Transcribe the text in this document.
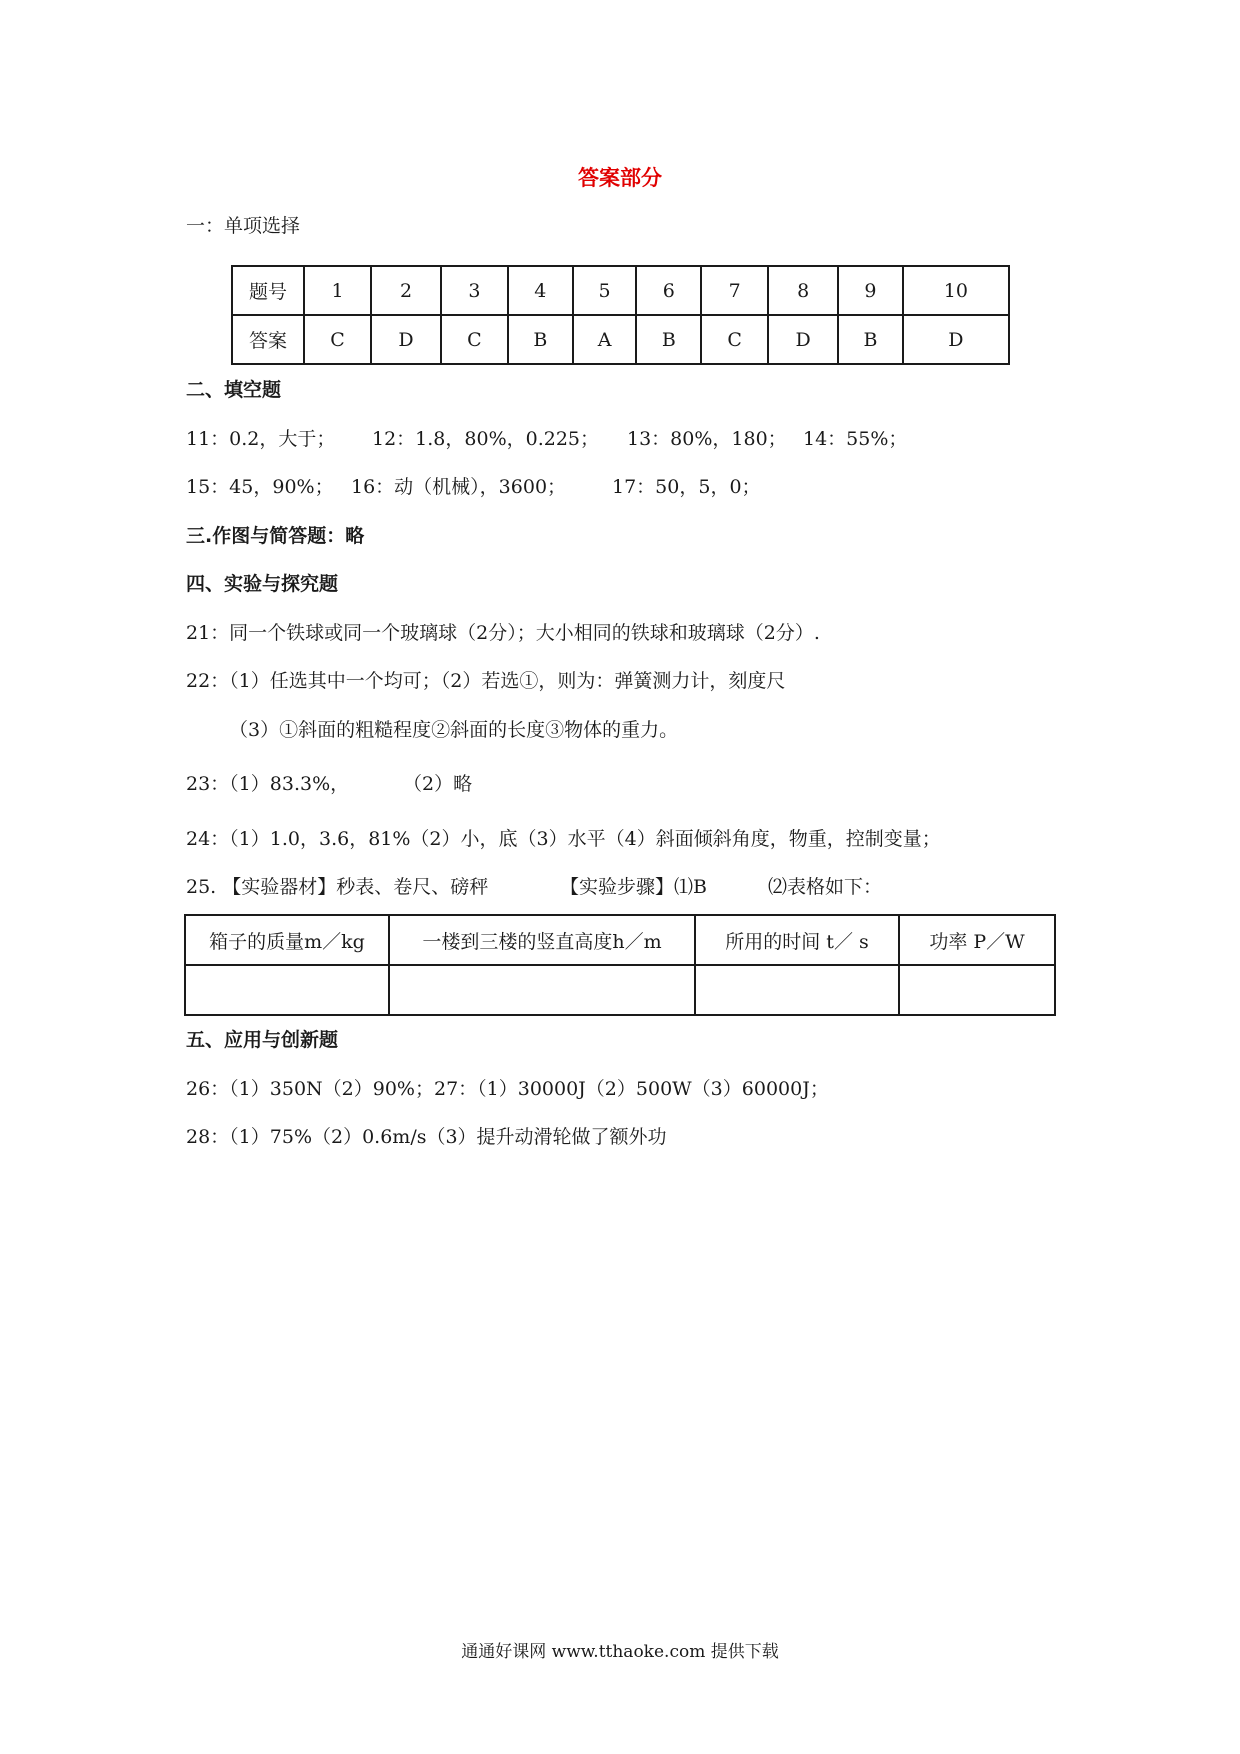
答案部分
一：单项选择
题号	1	2	3	4	5	6	7	8	9	10
答案	C	D	C	B	A	B	C	D	B	D
二、填空题
11：0.2，大于； 12：1.8，80%，0.225； 13：80%，180； 14：55%；
15：45，90%； 16：动（机械），3600； 17：50，5，0；
三.作图与简答题：略
四、实验与探究题
21：同一个铁球或同一个玻璃球（2分）；大小相同的铁球和玻璃球（2分）.
22：（1）任选其中一个均可；（2）若选①，则为：弹簧测力计，刻度尺
（3）①斜面的粗糙程度②斜面的长度③物体的重力。
23：（1）83.3%，	（2）略
24：（1）1.0，3.6，81%（2）小，底（3）水平（4）斜面倾斜角度，物重，控制变量；
25. 【实验器材】秒表、卷尺、磅秤	【实验步骤】⑴B	⑵表格如下：
箱子的质量m／kg	一楼到三楼的竖直高度h／m	所用的时间 t／ s	功率 P／W

五、应用与创新题
26：（1）350N（2）90%；27：（1）30000J（2）500W（3）60000J；
28：（1）75%（2）0.6m/s（3）提升动滑轮做了额外功
通通好课网 www.tthaoke.com 提供下载
